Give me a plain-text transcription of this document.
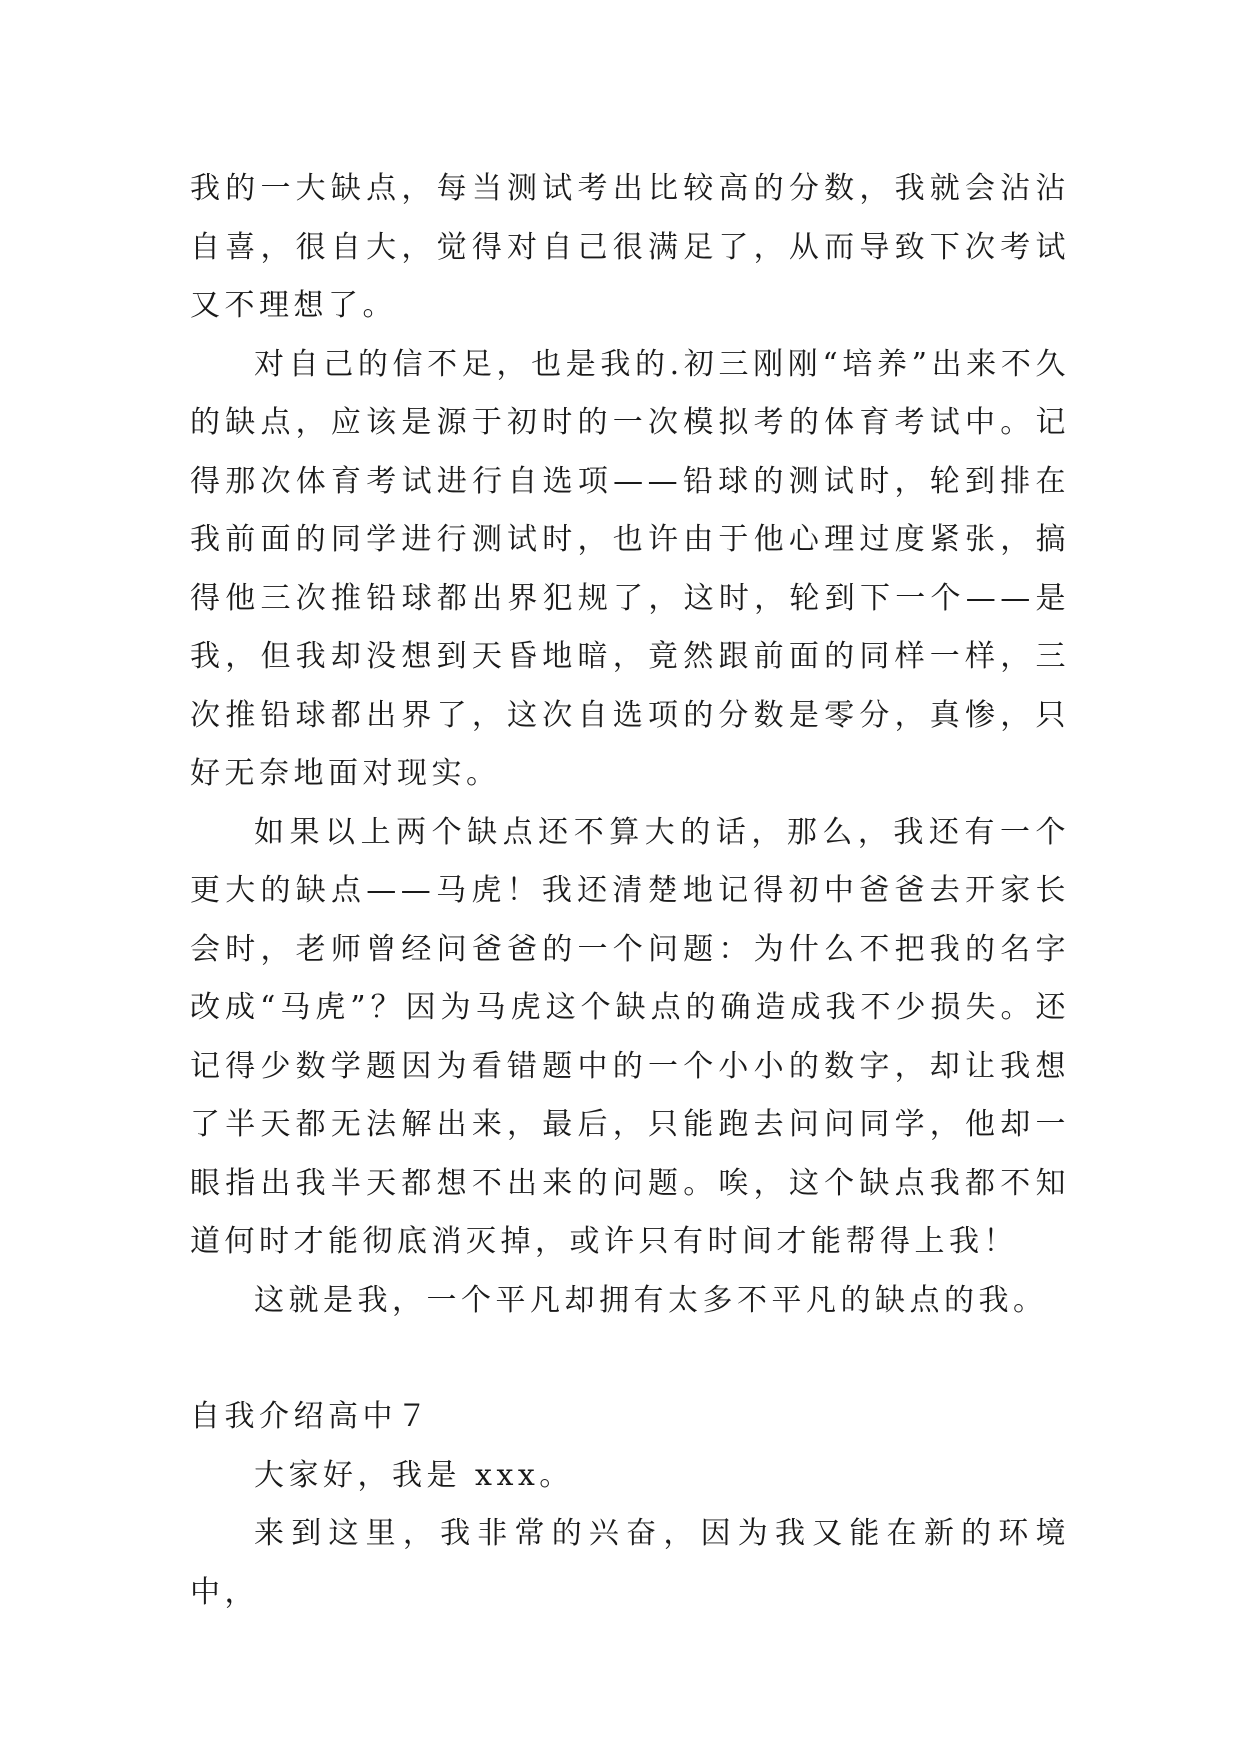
我的一大缺点，每当测试考出比较高的分数，我就会沾沾自喜，很自大，觉得对自己很满足了，从而导致下次考试又不理想了。

对自己的信不足，也是我的.初三刚刚“培养”出来不久的缺点，应该是源于初时的一次模拟考的体育考试中。记得那次体育考试进行自选项——铅球的测试时，轮到排在我前面的同学进行测试时，也许由于他心理过度紧张，搞得他三次推铅球都出界犯规了，这时，轮到下一个——是我，但我却没想到天昏地暗，竟然跟前面的同样一样，三次推铅球都出界了，这次自选项的分数是零分，真惨，只好无奈地面对现实。

如果以上两个缺点还不算大的话，那么，我还有一个更大的缺点——马虎！我还清楚地记得初中爸爸去开家长会时，老师曾经问爸爸的一个问题：为什么不把我的名字改成“马虎”？因为马虎这个缺点的确造成我不少损失。还记得少数学题因为看错题中的一个小小的数字，却让我想了半天都无法解出来，最后，只能跑去问问同学，他却一眼指出我半天都想不出来的问题。唉，这个缺点我都不知道何时才能彻底消灭掉，或许只有时间才能帮得上我！

这就是我，一个平凡却拥有太多不平凡的缺点的我。

自我介绍高中７

大家好，我是 xxx。

来到这里，我非常的兴奋，因为我又能在新的环境中，
